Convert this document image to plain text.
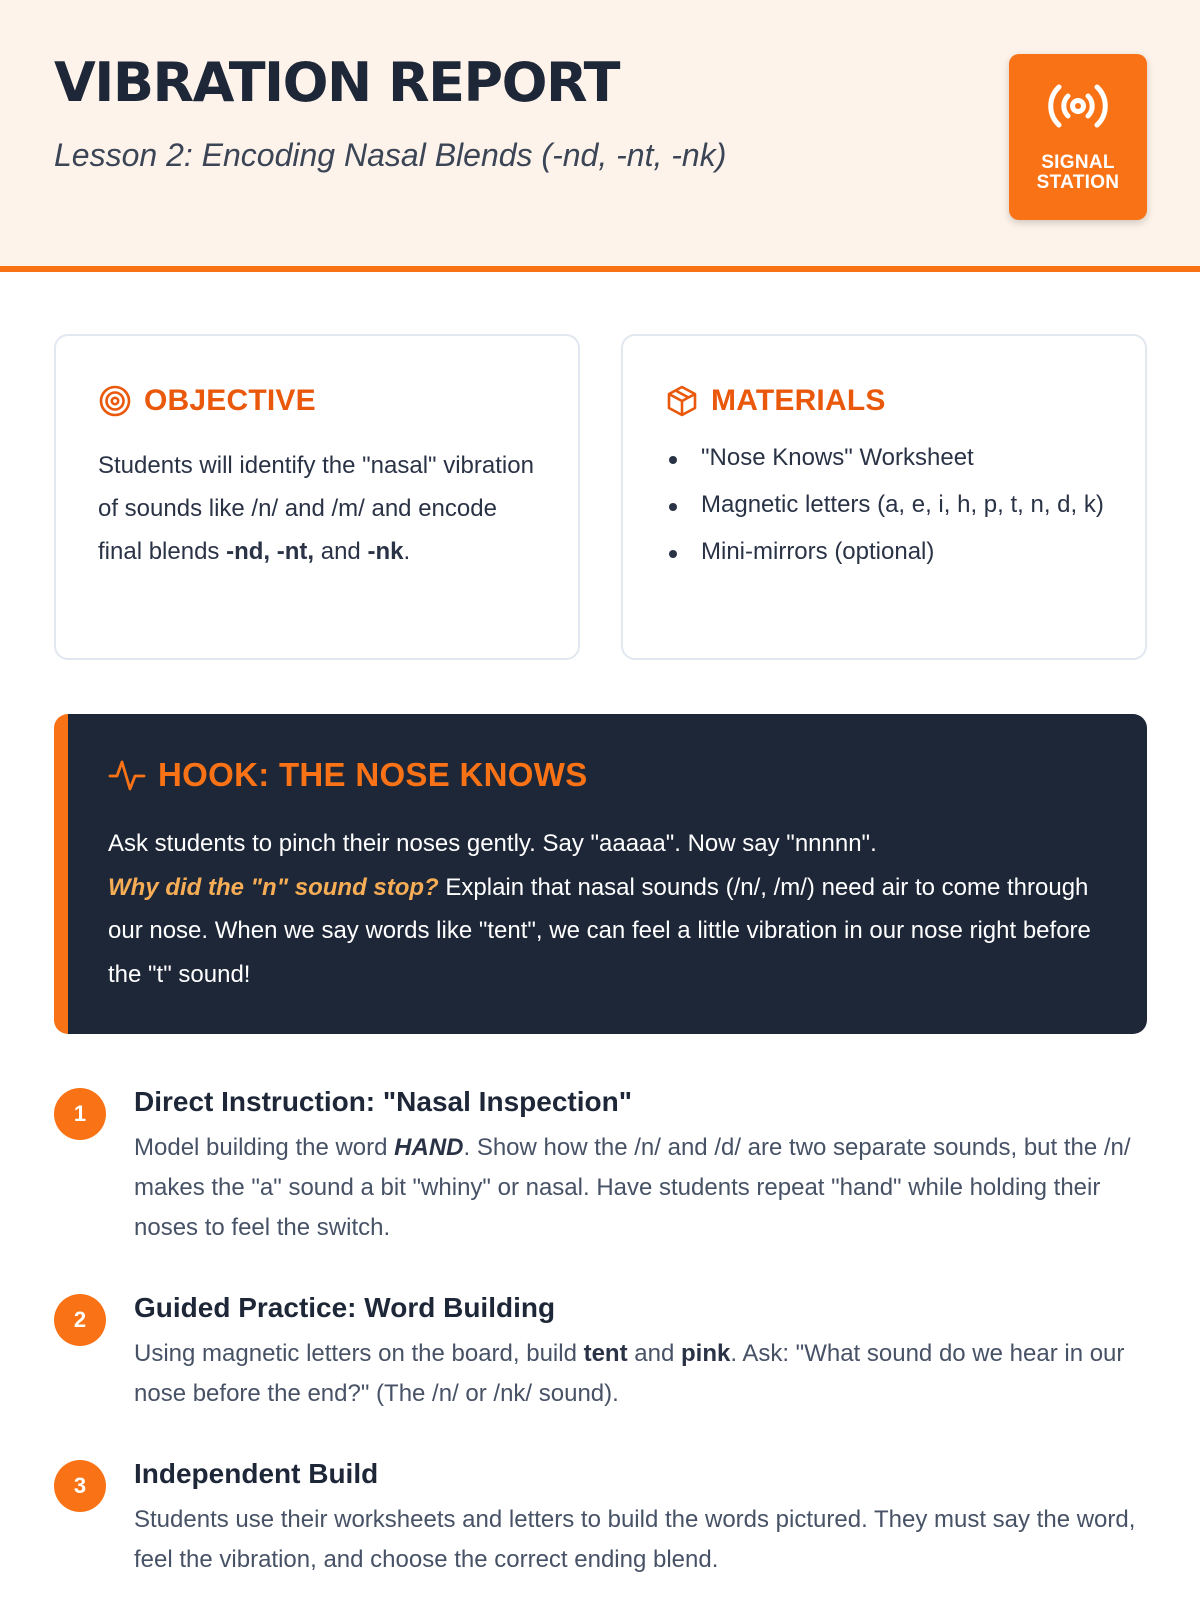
VIBRATION REPORT
Lesson 2: Encoding Nasal Blends (-nd, -nt, -nk)	SIGNAL
STATION
OBJECTIVE

Students will identify the "nasal" vibration of sounds like /n/ and /m/ and encode final blends -nd, -nt, and -nk.

MATERIALS
"Nose Knows" Worksheet
Magnetic letters (a, e, i, h, p, t, n, d, k)
Mini-mirrors (optional)
HOOK: THE NOSE KNOWS

Ask students to pinch their noses gently. Say "aaaaa". Now say "nnnnn".
Why did the "n" sound stop? Explain that nasal sounds (/n/, /m/) need air to come through our nose. When we say words like "tent", we can feel a little vibration in our nose right before the "t" sound!

1	Direct Instruction: "Nasal Inspection"

Model building the word HAND. Show how the /n/ and /d/ are two separate sounds, but the /n/ makes the "a" sound a bit "whiny" or nasal. Have students repeat "hand" while holding their noses to feel the switch.

2	Guided Practice: Word Building

Using magnetic letters on the board, build tent and pink. Ask: "What sound do we hear in our nose before the end?" (The /n/ or /nk/ sound).

3	Independent Build

Students use their worksheets and letters to build the words pictured. They must say the word, feel the vibration, and choose the correct ending blend.
